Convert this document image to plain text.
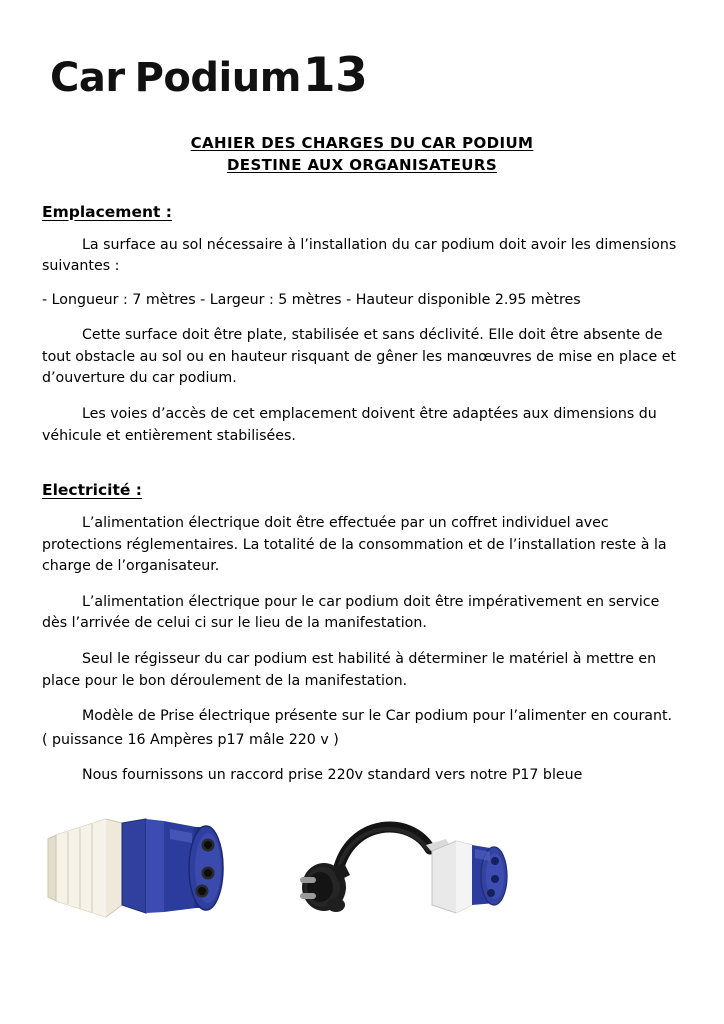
Car Podium 13
CAHIER DES CHARGES DU CAR PODIUM
DESTINE AUX ORGANISATEURS
Emplacement :

La surface au sol nécessaire à l’installation du car podium doit avoir les dimensions suivantes :

- Longueur : 7 mètres - Largeur : 5 mètres - Hauteur disponible 2.95 mètres

Cette surface doit être plate, stabilisée et sans déclivité. Elle doit être absente de tout obstacle au sol ou en hauteur risquant de gêner les manœuvres de mise en place et d’ouverture du car podium.

Les voies d’accès de cet emplacement doivent être adaptées aux dimensions du véhicule et entièrement stabilisées.

Electricité :

L’alimentation électrique doit être effectuée par un coffret individuel avec protections réglementaires. La totalité de la consommation et de l’installation reste à la charge de l’organisateur.

L’alimentation électrique pour le car podium doit être impérativement en service dès l’arrivée de celui ci sur le lieu de la manifestation.

Seul le régisseur du car podium est habilité à déterminer le matériel à mettre en place pour le bon déroulement de la manifestation.

Modèle de Prise électrique présente sur le Car podium pour l’alimenter en courant.

( puissance 16 Ampères p17 mâle 220 v )

Nous fournissons un raccord prise 220v standard vers notre P17 bleue
